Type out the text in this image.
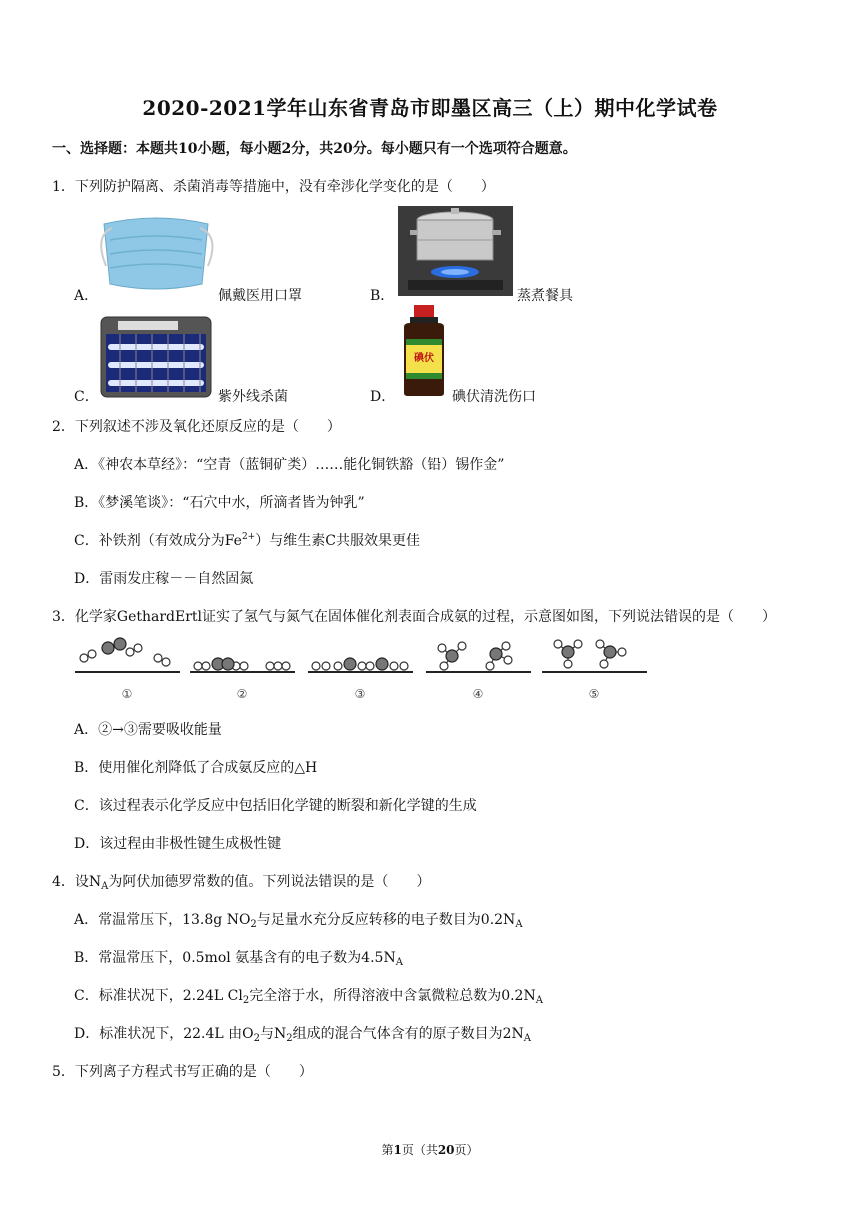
2020-2021学年山东省青岛市即墨区高三（上）期中化学试卷
一、选择题：本题共10小题，每小题2分，共20分。每小题只有一个选项符合题意。
1．下列防护隔离、杀菌消毒等措施中，没有牵涉化学变化的是（　　）
A．	佩戴医用口罩	B．	蒸煮餐具
C．	紫外线杀菌
碘伏
D．	碘伏清洗伤口
2．下列叙述不涉及氧化还原反应的是（　　）
A．《神农本草经》：“空青（蓝铜矿类）……能化铜铁豁（铅）锡作金”
B．《梦溪笔谈》：“石穴中水，所滴者皆为钟乳”
C．补铁剂（有效成分为$Fe^{2+}$）与维生素C共服效果更佳
D．雷雨发庄稼－－自然固氮
3．化学家GethardErtl证实了氢气与氮气在固体催化剂表面合成氨的过程，示意图如图，下列说法错误的是（　　）
①	②	③	④	⑤
A．②→③需要吸收能量
B．使用催化剂降低了合成氨反应的△H
C．该过程表示化学反应中包括旧化学键的断裂和新化学键的生成
D．该过程由非极性键生成极性键
4．设$N_A$为阿伏加德罗常数的值。下列说法错误的是（　　）
A．常温常压下，13.8g $NO_2$与足量水充分反应转移的电子数目为$0.2N_A$
B．常温常压下，0.5mol 氨基含有的电子数为$4.5N_A$
C．标准状况下，2.24L $Cl_2$完全溶于水，所得溶液中含氯微粒总数为$0.2N_A$
D．标准状况下，22.4L 由$O_2$与$N_2$组成的混合气体含有的原子数目为$2N_A$
5．下列离子方程式书写正确的是（　　）
第1页（共20页）
